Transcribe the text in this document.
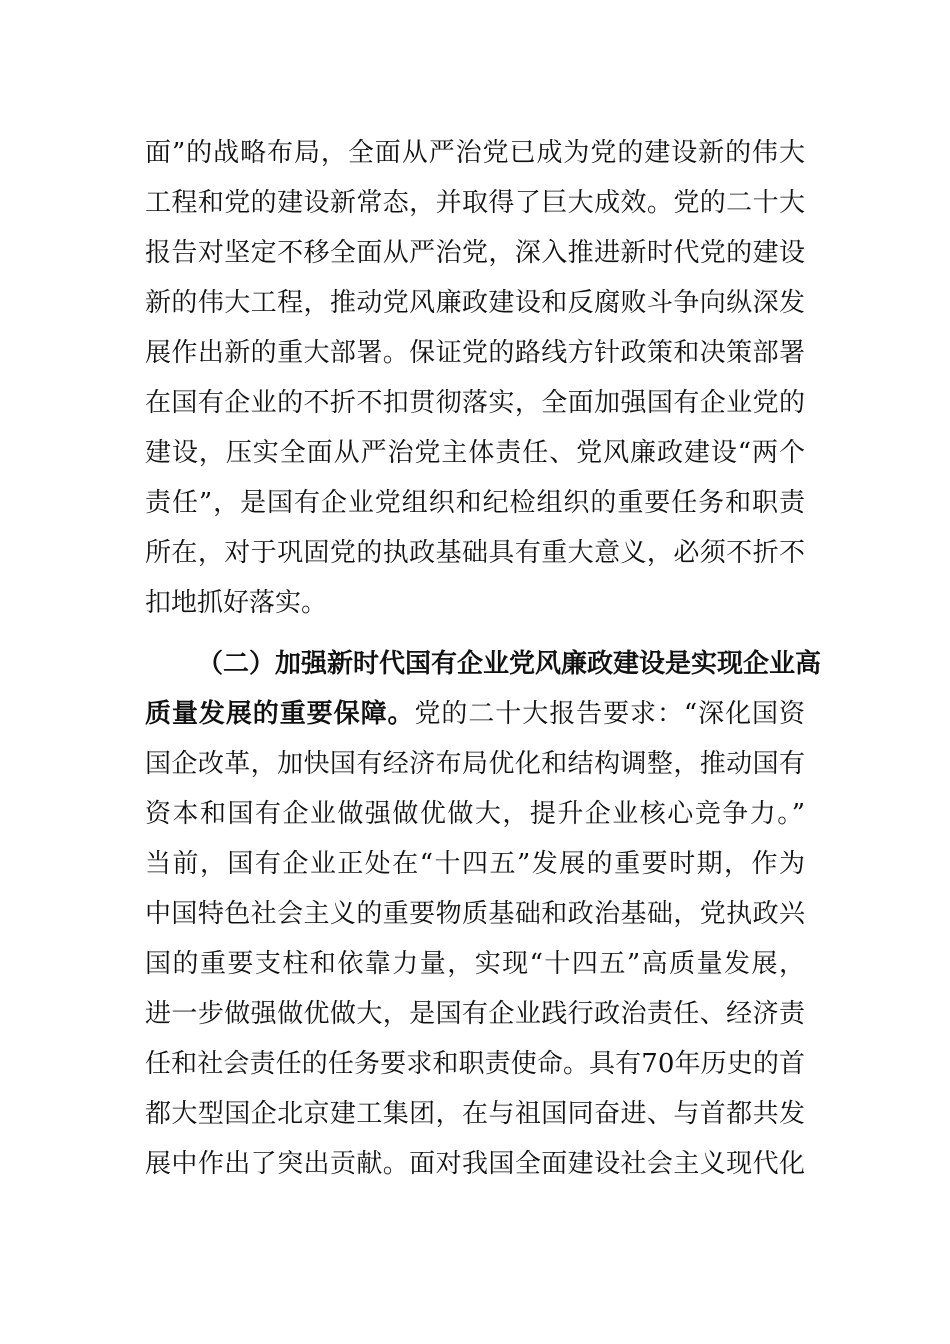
面”的战略布局，全面从严治党已成为党的建设新的伟大
工程和党的建设新常态，并取得了巨大成效。党的二十大
报告对坚定不移全面从严治党，深入推进新时代党的建设
新的伟大工程，推动党风廉政建设和反腐败斗争向纵深发
展作出新的重大部署。保证党的路线方针政策和决策部署
在国有企业的不折不扣贯彻落实，全面加强国有企业党的
建设，压实全面从严治党主体责任、党风廉政建设“两个
责任”，是国有企业党组织和纪检组织的重要任务和职责
所在，对于巩固党的执政基础具有重大意义，必须不折不
扣地抓好落实。
（二）加强新时代国有企业党风廉政建设是实现企业高
质量发展的重要保障。党的二十大报告要求：“深化国资
国企改革，加快国有经济布局优化和结构调整，推动国有
资本和国有企业做强做优做大，提升企业核心竞争力。”
当前，国有企业正处在“十四五”发展的重要时期，作为
中国特色社会主义的重要物质基础和政治基础，党执政兴
国的重要支柱和依靠力量，实现“十四五”高质量发展，
进一步做强做优做大，是国有企业践行政治责任、经济责
任和社会责任的任务要求和职责使命。具有70年历史的首
都大型国企北京建工集团，在与祖国同奋进、与首都共发
展中作出了突出贡献。面对我国全面建设社会主义现代化
